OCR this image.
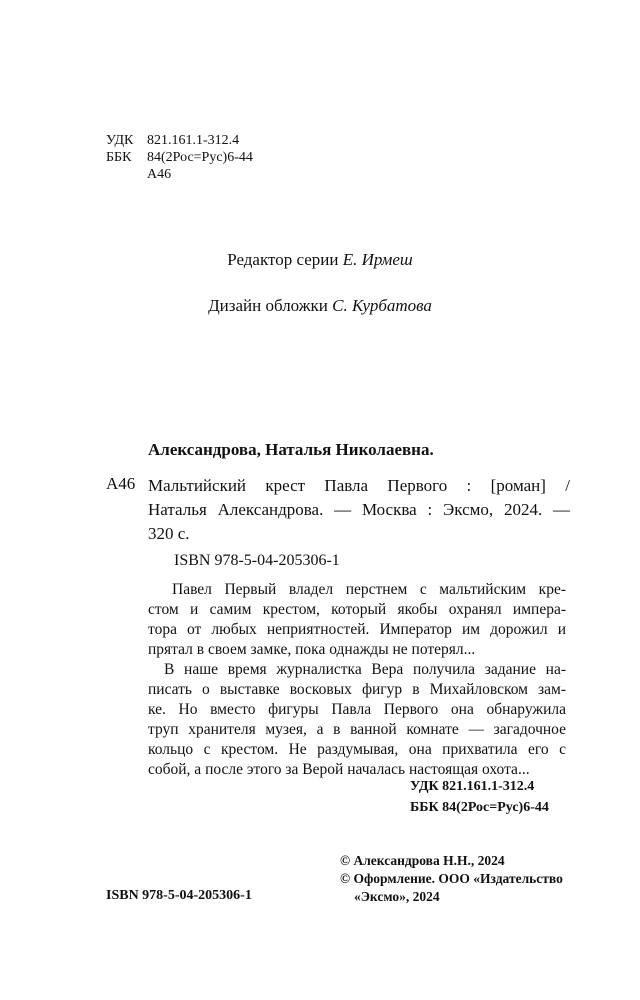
УДК 821.161.1-312.4
ББК 84(2Рос=Рус)6-44
А46
Редактор серии Е. Ирмеш
Дизайн обложки С. Курбатова
Александрова, Наталья Николаевна.
А46 Мальтийский крест Павла Первого : [роман] /
Наталья Александрова. — Москва : Эксмо, 2024. —
320 с.
ISBN 978-5-04-205306-1
Павел Первый владел перстнем с мальтийским кре-
стом и самим крестом, который якобы охранял импера-
тора от любых неприятностей. Император им дорожил и
прятал в своем замке, пока однажды не потерял...
В наше время журналистка Вера получила задание на-
писать о выставке восковых фигур в Михайловском зам-
ке. Но вместо фигуры Павла Первого она обнаружила
труп хранителя музея, а в ванной комнате — загадочное
кольцо с крестом. Не раздумывая, она прихватила его с
собой, а после этого за Верой началась настоящая охота...
УДК 821.161.1-312.4
ББК 84(2Рос=Рус)6-44
© Александрова Н.Н., 2024
© Оформление. ООО «Издательство
«Эксмо», 2024
ISBN 978-5-04-205306-1
